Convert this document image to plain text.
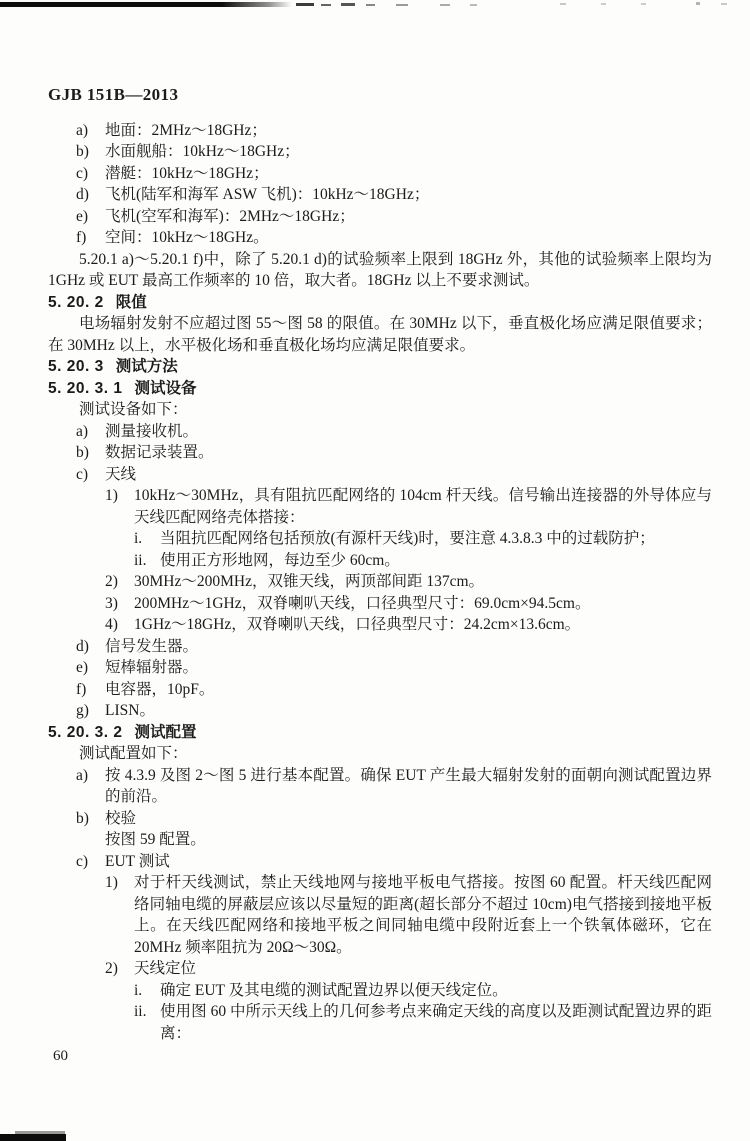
GJB 151B—2013
a)	地面：2MHz～18GHz；
b)	水面舰船：10kHz～18GHz；
c)	潜艇：10kHz～18GHz；
d)	飞机(陆军和海军 ASW 飞机)：10kHz～18GHz；
e)	飞机(空军和海军)：2MHz～18GHz；
f)	空间：10kHz～18GHz。

5.20.1 a)～5.20.1 f)中，除了 5.20.1 d)的试验频率上限到 18GHz 外，其他的试验频率上限均为 1GHz 或 EUT 最高工作频率的 10 倍，取大者。18GHz 以上不要求测试。

5. 20. 2 限值

电场辐射发射不应超过图 55～图 58 的限值。在 30MHz 以下，垂直极化场应满足限值要求；在 30MHz 以上，水平极化场和垂直极化场均应满足限值要求。

5. 20. 3 测试方法
5. 20. 3. 1 测试设备

测试设备如下：

a)	测量接收机。
b)	数据记录装置。
c)	天线
1)	10kHz～30MHz，具有阻抗匹配网络的 104cm 杆天线。信号输出连接器的外导体应与天线匹配网络壳体搭接：
i.	当阻抗匹配网络包括预放(有源杆天线)时，要注意 4.3.8.3 中的过载防护；
ii. 使用正方形地网，每边至少 60cm。
2)	30MHz～200MHz，双锥天线，两顶部间距 137cm。
3)	200MHz～1GHz，双脊喇叭天线，口径典型尺寸：69.0cm×94.5cm。
4)	1GHz～18GHz，双脊喇叭天线，口径典型尺寸：24.2cm×13.6cm。
d)	信号发生器。
e)	短棒辐射器。
f)	电容器，10pF。
g)	LISN。
5. 20. 3. 2 测试配置

测试配置如下：

a)	按 4.3.9 及图 2～图 5 进行基本配置。确保 EUT 产生最大辐射发射的面朝向测试配置边界的前沿。
b)	校验
按图 59 配置。
c)	EUT 测试
1)	对于杆天线测试，禁止天线地网与接地平板电气搭接。按图 60 配置。杆天线匹配网络同轴电缆的屏蔽层应该以尽量短的距离(超长部分不超过 10cm)电气搭接到接地平板上。在天线匹配网络和接地平板之间同轴电缆中段附近套上一个铁氧体磁环，它在 20MHz 频率阻抗为 20Ω～30Ω。
2)	天线定位
i.	确定 EUT 及其电缆的测试配置边界以便天线定位。
ii. 使用图 60 中所示天线上的几何参考点来确定天线的高度以及距测试配置边界的距离：
60
